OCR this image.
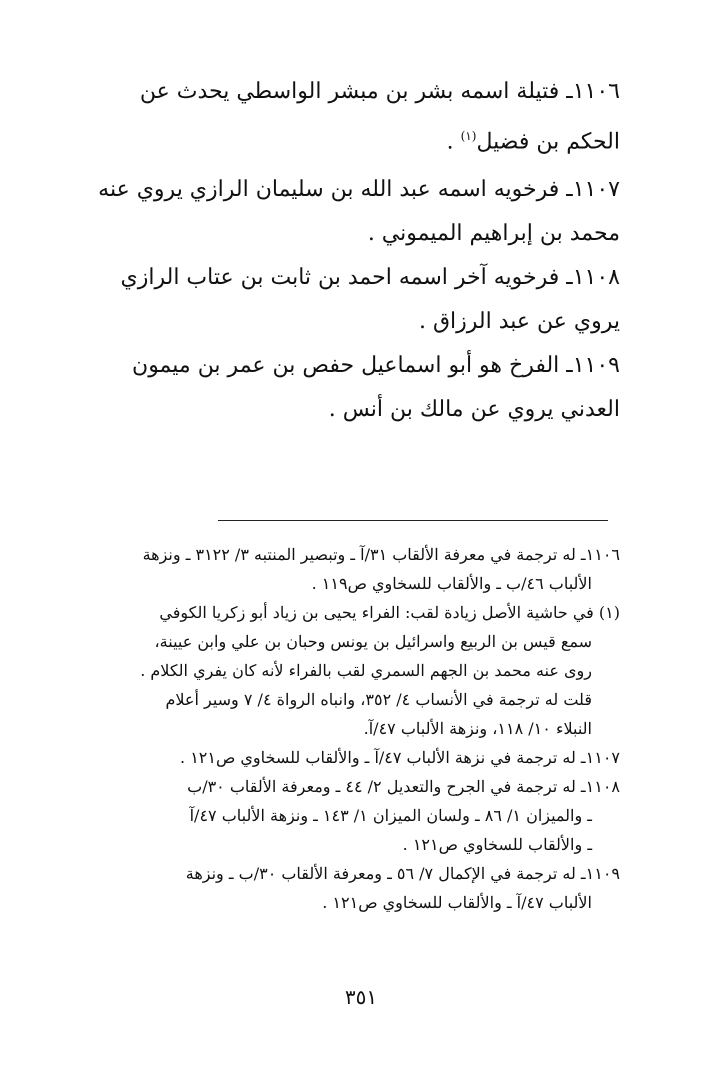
١١٠٦ـ فتيلة اسمه بشر بن مبشر الواسطي يحدث عن
الحكم بن فضيل$^{(١)}$ .
١١٠٧ـ فرخويه اسمه عبد الله بن سليمان الرازي يروي عنه
محمد بن إبراهيم الميموني .
١١٠٨ـ فرخويه آخر اسمه احمد بن ثابت بن عتاب الرازي
يروي عن عبد الرزاق .
١١٠٩ـ الفرخ هو أبو اسماعيل حفص بن عمر بن ميمون
العدني يروي عن مالك بن أنس .
١١٠٦ـ له ترجمة في معرفة الألقاب ٣١/آ ـ وتبصير المنتبه ٣/ ٣١٢٢ ـ ونزهة
الألباب ٤٦/ب ـ والألقاب للسخاوي ص١١٩ .
(١) في حاشية الأصل زيادة لقب: الفراء يحيى بن زياد أبو زكريا الكوفي
سمع قيس بن الربيع واسرائيل بن يونس وحبان بن علي وابن عيينة،
روى عنه محمد بن الجهم السمري لقب بالفراء لأنه كان يفري الكلام .
قلت له ترجمة في الأنساب ٤/ ٣٥٢، وانباه الرواة ٤/ ٧ وسير أعلام
النبلاء ١٠/ ١١٨، ونزهة الألباب ٤٧/آ.
١١٠٧ـ له ترجمة في نزهة الألباب ٤٧/آ ـ والألقاب للسخاوي ص١٢١ .
١١٠٨ـ له ترجمة في الجرح والتعديل ٢/ ٤٤ ـ ومعرفة الألقاب ٣٠/ب
ـ والميزان ١/ ٨٦ ـ ولسان الميزان ١/ ١٤٣ ـ ونزهة الألباب ٤٧/آ
ـ والألقاب للسخاوي ص١٢١ .
١١٠٩ـ له ترجمة في الإكمال ٧/ ٥٦ ـ ومعرفة الألقاب ٣٠/ب ـ ونزهة
الألباب ٤٧/آ ـ والألقاب للسخاوي ص١٢١ .
٣٥١
